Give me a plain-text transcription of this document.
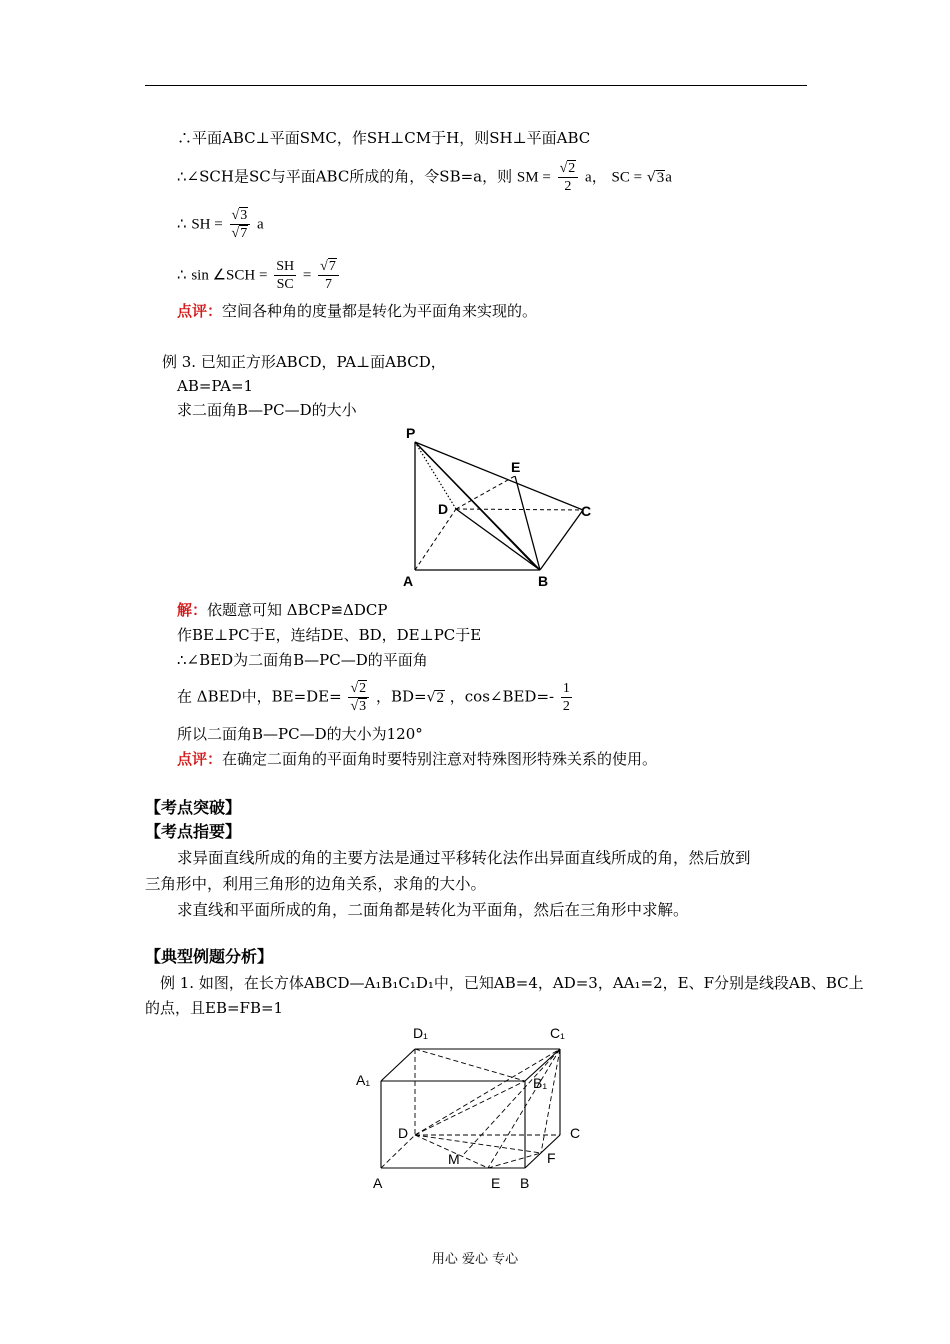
∴平面ABC⊥平面SMC，作SH⊥CM于H，则SH⊥平面ABC
∴∠SCH是SC与平面ABC所成的角，令SB=a，则 SM = $\frac{√2}{2}$ a， SC = √3a
∴ SH = $\frac{√3}{√7}$ a
∴ sin ∠SCH = $\frac{SH}{SC} = \frac{√7}{7}$
点评：空间各种角的度量都是转化为平面角来实现的。
例 3. 已知正方形ABCD，PA⊥面ABCD，
AB=PA=1
求二面角B—PC—D的大小
P
E
D	C
A	B
解：依题意可知 ΔBCP≌ΔDCP
作BE⊥PC于E，连结DE、BD，DE⊥PC于E
∴∠BED为二面角B—PC—D的平面角
在 ΔBED中，$BE=DE= \frac{√2}{√3}$ ，BD=√2 ，cos∠BED=- $\frac{1}{2}$
所以二面角B—PC—D的大小为120°
点评：在确定二面角的平面角时要特别注意对特殊图形特殊关系的使用。
【考点突破】
【考点指要】
求异面直线所成的角的主要方法是通过平移转化法作出异面直线所成的角，然后放到
三角形中，利用三角形的边角关系，求角的大小。
求直线和平面所成的角，二面角都是转化为平面角，然后在三角形中求解。
【典型例题分析】
例 1. 如图，在长方体ABCD—A₁B₁C₁D₁中，已知AB=4，AD=3，AA₁=2，E、F分别是线段AB、BC上
的点，且EB=FB=1
D₁	C₁
A₁	B₁
D	C
M	F
A	E B
用心 爱心 专心
